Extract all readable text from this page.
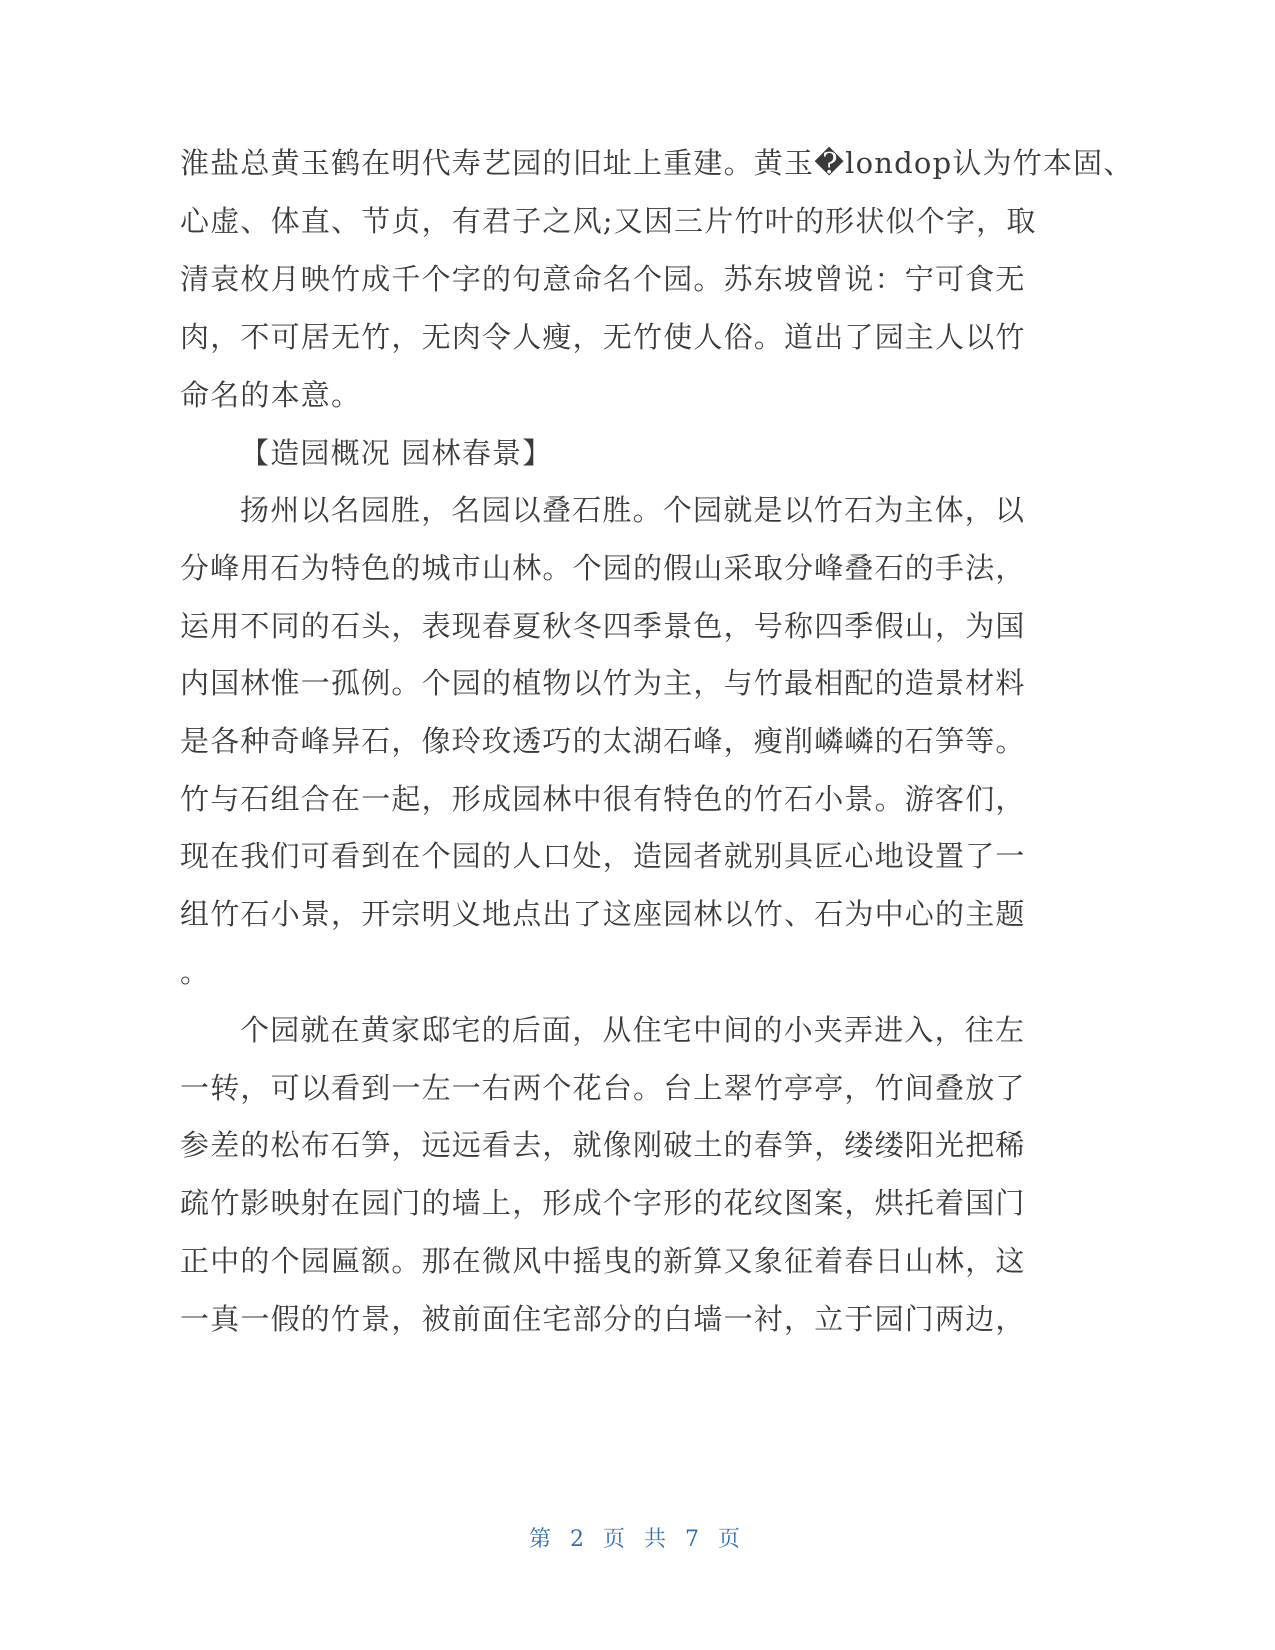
淮盐总黄玉鹤在明代寿艺园的旧址上重建。黄玉�londop认为竹本固、
心虚、体直、节贞，有君子之风;又因三片竹叶的形状似个字，取
清袁枚月映竹成千个字的句意命名个园。苏东坡曾说：宁可食无
肉，不可居无竹，无肉令人瘦，无竹使人俗。道出了园主人以竹
命名的本意。
【造园概况 园林春景】
扬州以名园胜，名园以叠石胜。个园就是以竹石为主体，以
分峰用石为特色的城市山林。个园的假山采取分峰叠石的手法，
运用不同的石头，表现春夏秋冬四季景色，号称四季假山，为国
内国林惟一孤例。个园的植物以竹为主，与竹最相配的造景材料
是各种奇峰异石，像玲玫透巧的太湖石峰，瘦削嶙嶙的石笋等。
竹与石组合在一起，形成园林中很有特色的竹石小景。游客们，
现在我们可看到在个园的人口处，造园者就别具匠心地设置了一
组竹石小景，开宗明义地点出了这座园林以竹、石为中心的主题
。
个园就在黄家邸宅的后面，从住宅中间的小夹弄进入，往左
一转，可以看到一左一右两个花台。台上翠竹亭亭，竹间叠放了
参差的松布石笋，远远看去，就像刚破土的春笋，缕缕阳光把稀
疏竹影映射在园门的墙上，形成个字形的花纹图案，烘托着国门
正中的个园匾额。那在微风中摇曳的新算又象征着春日山林，这
一真一假的竹景，被前面住宅部分的白墙一衬，立于园门两边，
第 2 页 共 7 页
